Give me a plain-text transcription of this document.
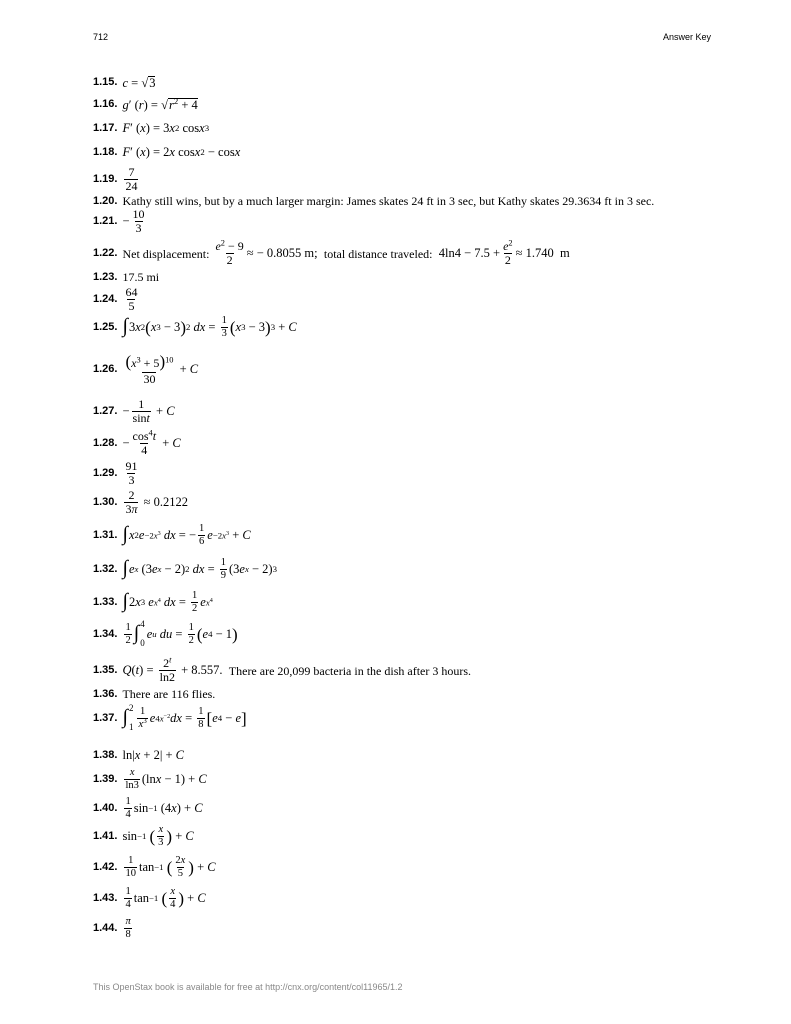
712	Answer Key
1.15. c = √ 3
1.16. g ′ ( r ) = √ $r^2 + 4$
1.17. F ′ ( x ) = 3 x 2 cos x 3
1.18. F ′ ( x ) = 2 x cos x 2 − cos x
1.19. $\frac{7}{24}$
1.20. Kathy still wins, but by a much larger margin: James skates 24 ft in 3 sec, but Kathy skates 29.3634 ft in 3 sec.
1.21. − $\frac{10}{3}$
1.22. Net displacement: $\frac{e^2 - 9}{2}$ ≈ − 0.8055 m; total distance traveled: $4\ln 4 - 7.5 + \frac{e^2}{2} \approx 1.740$  m
1.23. 17.5 mi
1.24. $\frac{64}{5}$
1.25. ∫ 3 x 2 ( x 3 − 3 ) 2
dx = $\frac{1}{3}$ ( x 3 − 3 ) 3 + C
1.26. $\frac{(x^3 + 5)^{10}}{30} + C$
1.27. − $\frac{1}{\sin t} + C$
1.28. − $\frac{\cos^4t}{4} + C$
1.29. $\frac{91}{3}$
1.30. $\frac{2}{3\pi} \approx 0.2122$
1.31. ∫ x 2 $e -2x^3$
dx = − $\frac{1}{6}$ $e -2x^3 + C$
1.32. ∫ e x (3 e x − 2) 2
dx = $\frac{1}{9} (3$ e x − 2) 3
1.33. ∫ 2 x 3
e $x^4$
dx = $\frac{1}{2}$ e $x^4$
1.34. $\frac{1}{2}$ ∫ 4
0
e u
du = $\frac{1}{2}$ ( e 4 − 1 )
1.35. Q ( t ) = $\frac{2^t}{\ln 2} + 8.557$. There are 20,099 bacteria in the dish after 3 hours.
1.36. There are 116 flies.
1.37. ∫ 2
$1 \frac{1}{x^3}$ e $4x^{-2}$ dx = $\frac{1}{8}$ [ e 4 − e ]
1.38. ln| x + 2| + C
1.39. $\frac{x}{\ln 3} (\ln$ x − 1) + C
1.40. $\frac{1}{4}$ sin −1 (4 x ) + C
1.41. sin −1
( $\frac{x}{3}$ ) + C
1.42. $\frac{1}{10}$ tan −1
( $\frac{2x}{5}$ ) + C
1.43. $\frac{1}{4}$ tan −1
( $\frac{x}{4}$ ) + C
1.44. $\frac{\pi}{8}$
This OpenStax book is available for free at http://cnx.org/content/col11965/1.2
